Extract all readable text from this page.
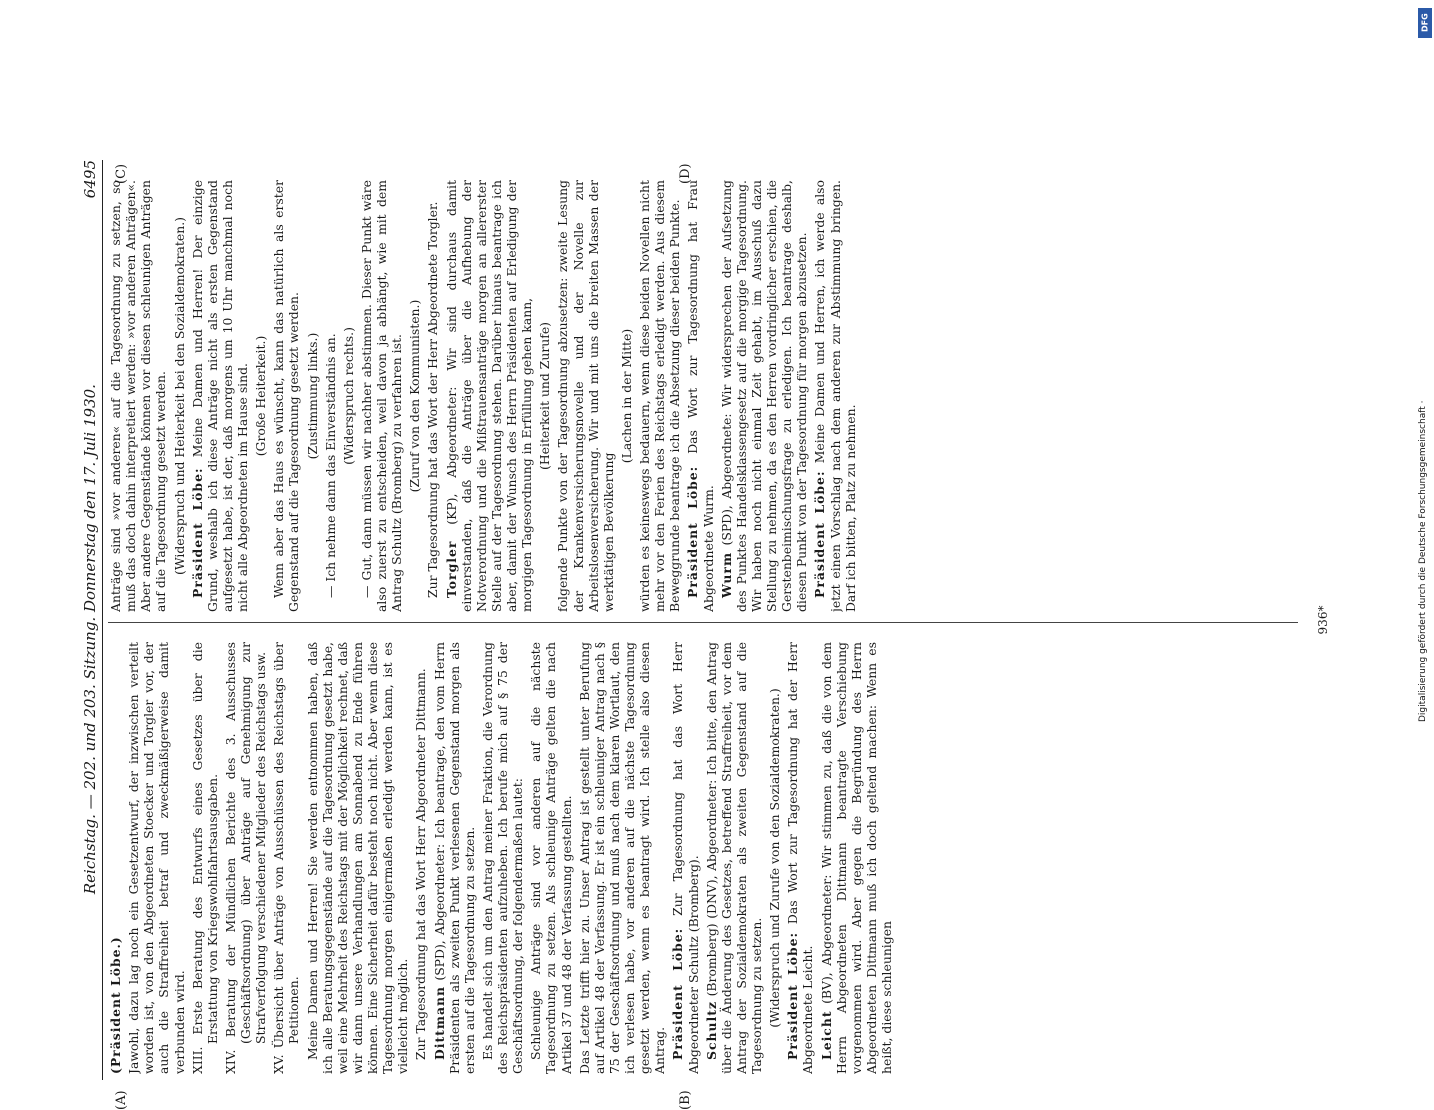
Reichstag. — 202. und 203. Sitzung. Donnerstag den 17. Juli 1930.
6495

(Präsident Löbe.) Jawohl, dazu lag noch ein Gesetzentwurf, der inzwischen verteilt worden ist, von den Abgeordneten Stoecker und Torgler vor, der auch die Straffreiheit betraf und zweckmäßigerweise damit verbunden wird. XIII. Erste Beratung des Entwurfs eines Gesetzes über die Erstattung von Kriegswohlfahrtsausgaben. XIV. Beratung der Mündlichen Berichte des 3. Ausschusses (Geschäftsordnung) über Anträge auf Genehmigung zur Strafverfolgung verschiedener Mitglieder des Reichstags usw. XV. Übersicht über Anträge von Ausschüssen des Reichstags über Petitionen. Meine Damen und Herren! Sie werden entnommen haben, daß ich alle Beratungsgegenstände auf die Tagesordnung gesetzt habe, weil eine Mehrheit des Reichstags mit der Möglichkeit rechnet, daß wir dann unsere Verhandlungen am Sonnabend zu Ende führen können. Eine Sicherheit dafür besteht noch nicht. Aber wenn diese Tagesordnung morgen einigermaßen erledigt werden kann, ist es vielleicht möglich. Zur Tagesordnung hat das Wort Herr Abgeordneter Dittmann. Dittmann (SPD), Abgeordneter: Ich beantrage, den vom Herrn Präsidenten als zweiten Punkt verlesenen Gegenstand morgen als ersten auf die Tagesordnung zu setzen. Es handelt sich um den Antrag meiner Fraktion, die Verordnung des Reichspräsidenten aufzuheben. Ich berufe mich auf § 75 der Geschäftsordnung, der folgendermaßen lautet: Schleunige Anträge sind vor anderen auf die nächste Tagesordnung zu setzen. Als schleunige Anträge gelten die nach Artikel 37 und 48 der Verfassung gestellten. Das Letzte trifft hier zu. Unser Antrag ist gestellt unter Berufung auf Artikel 48 der Verfassung. Er ist ein schleuniger Antrag nach § 75 der Geschäftsordnung und muß nach dem klaren Wortlaut, den ich verlesen habe, vor anderen auf die nächste Tagesordnung gesetzt werden, wenn es beantragt wird. Ich stelle also diesen Antrag. Präsident Löbe: Zur Tagesordnung hat das Wort Herr Abgeordneter Schultz (Bromberg). Schultz (Bromberg) (DNV), Abgeordneter: Ich bitte, den Antrag über die Änderung des Gesetzes, betreffend Straffreiheit, vor dem Antrag der Sozialdemokraten als zweiten Gegenstand auf die Tagesordnung zu setzen. (Widerspruch und Zurufe von den Sozialdemokraten.) Präsident Löbe: Das Wort zur Tagesordnung hat der Herr Abgeordnete Leicht. Leicht (BV), Abgeordneter: Wir stimmen zu, daß die von dem Herrn Abgeordneten Dittmann beantragte Verschiebung vorgenommen wird. Aber gegen die Begründung des Herrn Abgeordneten Dittmann muß ich doch geltend machen: Wenn es heißt, diese schleunigen

Anträge sind »vor anderen« auf die Tagesordnung zu setzen, so muß das doch dahin interpretiert werden: »vor anderen Anträgen«. Aber andere Gegenstände können vor diesen schleunigen Anträgen auf die Tagesordnung gesetzt werden. (Widerspruch und Heiterkeit bei den Sozialdemokraten.) Präsident Löbe: Meine Damen und Herren! Der einzige Grund, weshalb ich diese Anträge nicht als ersten Gegenstand aufgesetzt habe, ist der, daß morgens um 10 Uhr manchmal noch nicht alle Abgeordneten im Hause sind. (Große Heiterkeit.) Wenn aber das Haus es wünscht, kann das natürlich als erster Gegenstand auf die Tagesordnung gesetzt werden. (Zustimmung links.) — Ich nehme dann das Einverständnis an. (Widerspruch rechts.) — Gut, dann müssen wir nachher abstimmen. Dieser Punkt wäre also zuerst zu entscheiden, weil davon ja abhängt, wie mit dem Antrag Schultz (Bromberg) zu verfahren ist. (Zuruf von den Kommunisten.) Zur Tagesordnung hat das Wort der Herr Abgeordnete Torgler. Torgler (KP), Abgeordneter: Wir sind durchaus damit einverstanden, daß die Anträge über die Aufhebung der Notverordnung und die Mißtrauensanträge morgen an allererster Stelle auf der Tagesordnung stehen. Darüber hinaus beantrage ich aber, damit der Wunsch des Herrn Präsidenten auf Erledigung der morgigen Tagesordnung in Erfüllung gehen kann, (Heiterkeit und Zurufe) folgende Punkte von der Tagesordnung abzusetzen: zweite Lesung der Krankenversicherungsnovelle und der Novelle zur Arbeitslosenversicherung. Wir und mit uns die breiten Massen der werktätigen Bevölkerung

(Lachen in der Mitte) würden es keineswegs bedauern, wenn diese beiden Novellen nicht mehr vor den Ferien des Reichstags erledigt werden. Aus diesem Beweggrunde beantrage ich die Absetzung dieser beiden Punkte. Präsident Löbe: Das Wort zur Tagesordnung hat Frau Abgeordnete Wurm. Wurm (SPD), Abgeordnete: Wir widersprechen der Aufsetzung des Punktes Handelsklassengesetz auf die morgige Tagesordnung. Wir haben noch nicht einmal Zeit gehabt, im Ausschuß dazu Stellung zu nehmen, da es den Herren vordringlicher erschien, die Gerstenbeimischungsfrage zu erledigen. Ich beantrage deshalb, diesen Punkt von der Tagesordnung für morgen abzusetzen. Präsident Löbe: Meine Damen und Herren, ich werde also jetzt einen Vorschlag nach dem anderen zur Abstimmung bringen. Darf ich bitten, Platz zu nehmen.

(A)	(B)
(C)	(D)
936*
DFG
Digitalisierung gefördert durch die Deutsche Forschungsgemeinschaft ·
